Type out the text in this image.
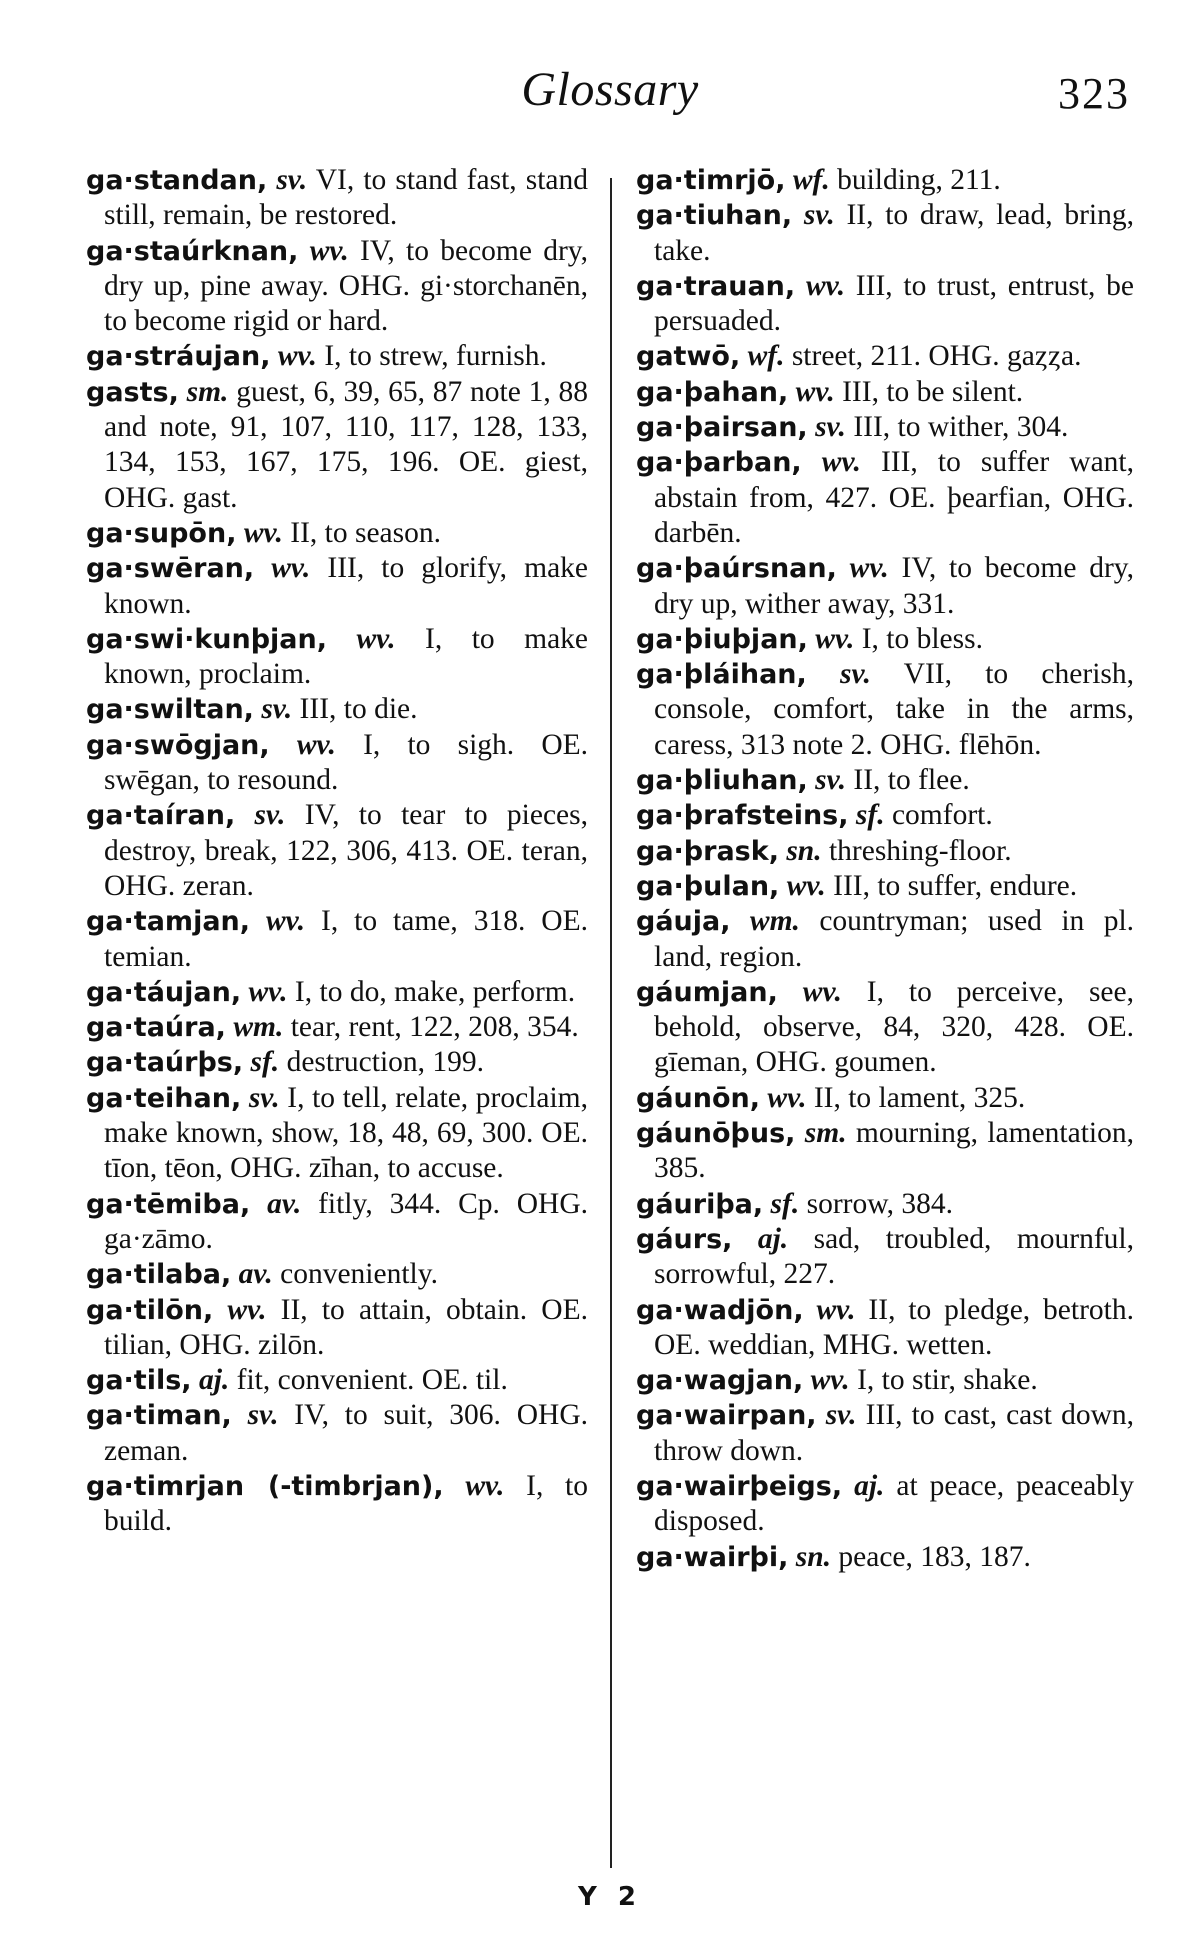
Glossary	323

ga·standan, sv. VI, to stand fast, stand still, remain, be restored.

ga·staúrknan, wv. IV, to become dry, dry up, pine away. OHG. gi·storchanēn, to become rigid or hard.

ga·stráujan, wv. I, to strew, furnish.

gasts, sm. guest, 6, 39, 65, 87 note 1, 88 and note, 91, 107, 110, 117, 128, 133, 134, 153, 167, 175, 196. OE. giest, OHG. gast.

ga·supōn, wv. II, to season.

ga·swēran, wv. III, to glorify, make known.

ga·swi·kunþjan, wv. I, to make known, proclaim.

ga·swiltan, sv. III, to die.

ga·swōgjan, wv. I, to sigh. OE. swēgan, to resound.

ga·taíran, sv. IV, to tear to pieces, destroy, break, 122, 306, 413. OE. teran, OHG. zeran.

ga·tamjan, wv. I, to tame, 318. OE. temian.

ga·táujan, wv. I, to do, make, perform.

ga·taúra, wm. tear, rent, 122, 208, 354.

ga·taúrþs, sf. destruction, 199.

ga·teihan, sv. I, to tell, relate, proclaim, make known, show, 18, 48, 69, 300. OE. tīon, tēon, OHG. zīhan, to accuse.

ga·tēmiba, av. fitly, 344. Cp. OHG. ga·zāmo.

ga·tilaba, av. conveniently.

ga·tilōn, wv. II, to attain, obtain. OE. tilian, OHG. zilōn.

ga·tils, aj. fit, convenient. OE. til.

ga·timan, sv. IV, to suit, 306. OHG. zeman.

ga·timrjan (-timbrjan), wv. I, to build.

ga·timrjō, wf. building, 211.

ga·tiuhan, sv. II, to draw, lead, bring, take.

ga·trauan, wv. III, to trust, entrust, be persuaded.

gatwō, wf. street, 211. OHG. gaȥȥa.

ga·þahan, wv. III, to be silent.

ga·þairsan, sv. III, to wither, 304.

ga·þarban, wv. III, to suffer want, abstain from, 427. OE. þearfian, OHG. darbēn.

ga·þaúrsnan, wv. IV, to become dry, dry up, wither away, 331.

ga·þiuþjan, wv. I, to bless.

ga·þláihan, sv. VII, to cherish, console, comfort, take in the arms, caress, 313 note 2. OHG. flēhōn.

ga·þliuhan, sv. II, to flee.

ga·þrafsteins, sf. comfort.

ga·þrask, sn. threshing-floor.

ga·þulan, wv. III, to suffer, endure.

gáuja, wm. countryman; used in pl. land, region.

gáumjan, wv. I, to perceive, see, behold, observe, 84, 320, 428. OE. gīeman, OHG. goumen.

gáunōn, wv. II, to lament, 325.

gáunōþus, sm. mourning, lamentation, 385.

gáuriþa, sf. sorrow, 384.

gáurs, aj. sad, troubled, mournful, sorrowful, 227.

ga·wadjōn, wv. II, to pledge, betroth. OE. weddian, MHG. wetten.

ga·wagjan, wv. I, to stir, shake.

ga·wairpan, sv. III, to cast, cast down, throw down.

ga·wairþeigs, aj. at peace, peaceably disposed.

ga·wairþi, sn. peace, 183, 187.

Y 2
